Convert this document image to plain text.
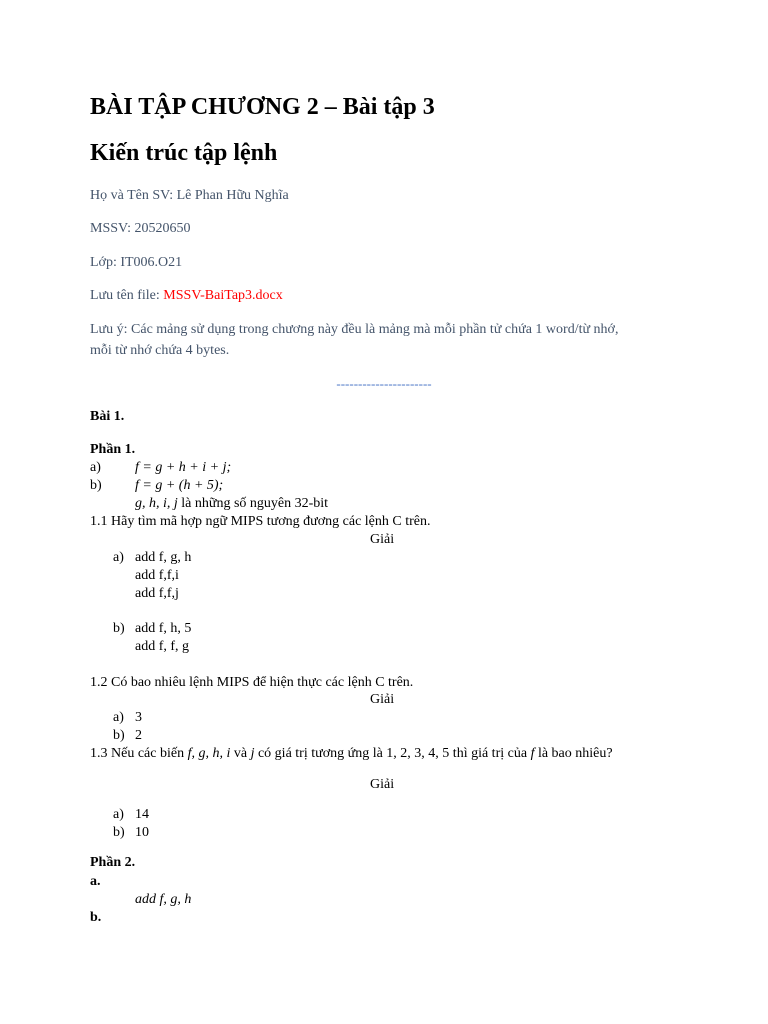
BÀI TẬP CHƯƠNG 2 – Bài tập 3
Kiến trúc tập lệnh
Họ và Tên SV: Lê Phan Hữu Nghĩa
MSSV: 20520650
Lớp: IT006.O21
Lưu tên file: MSSV-BaiTap3.docx
Lưu ý: Các mảng sử dụng trong chương này đều là mảng mà mỗi phần tử chứa 1 word/từ nhớ,
mỗi từ nhớ chứa 4 bytes.
----------------------
Bài 1.
Phần 1.
a) f = g + h + i + j;
b) f = g + (h + 5);
g, h, i, j là những số nguyên 32-bit
1.1 Hãy tìm mã hợp ngữ MIPS tương đương các lệnh C trên.
Giải
a) add f, g, h
add f,f,i
add f,f,j
b) add f, h, 5
add f, f, g
1.2 Có bao nhiêu lệnh MIPS để hiện thực các lệnh C trên.
Giải
a) 3
b) 2
1.3 Nếu các biến f, g, h, i và j có giá trị tương ứng là 1, 2, 3, 4, 5 thì giá trị của f là bao nhiêu?
Giải
a) 14
b) 10
Phần 2.
a.
add f, g, h
b.
